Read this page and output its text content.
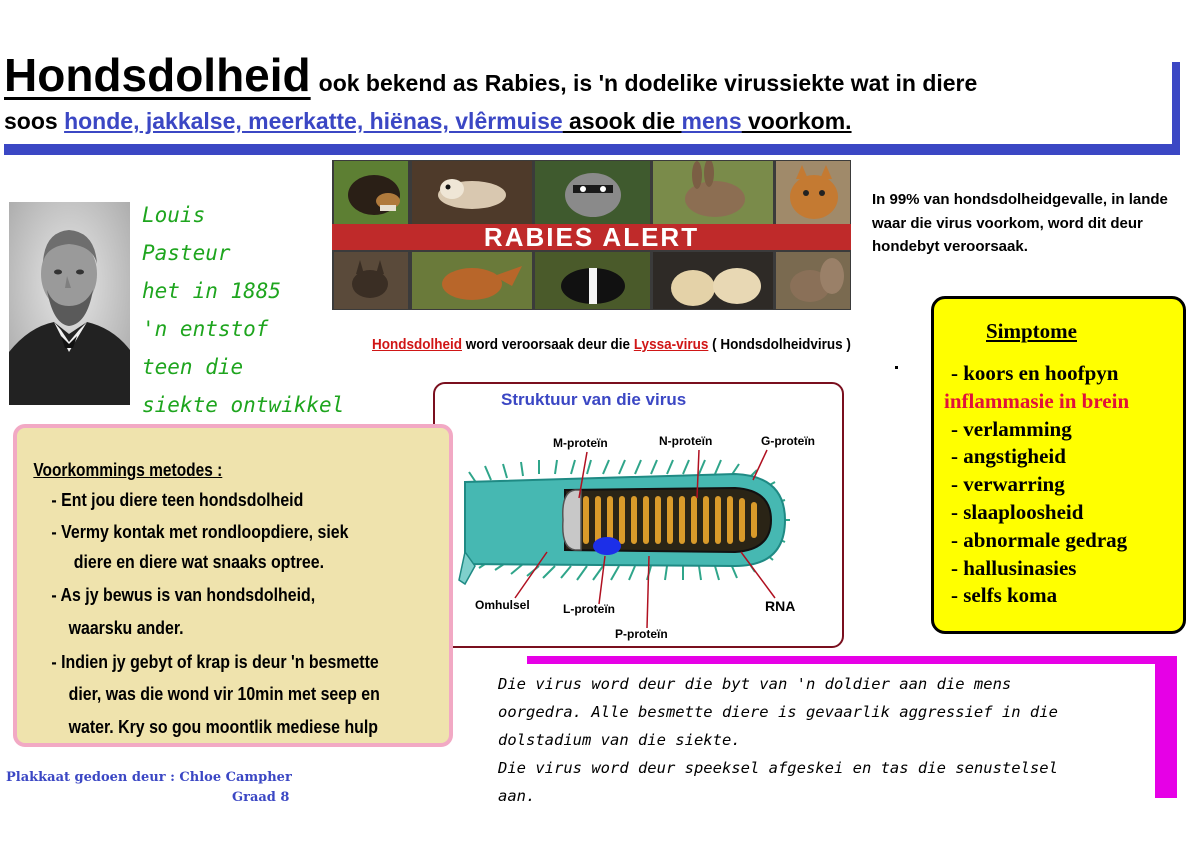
Hondsdolheid ook bekend as Rabies, is 'n dodelike virussiekte wat in diere
soos honde, jakkalse, meerkatte, hiënas, vlêrmuise asook die mens voorkom.
Louis
Pasteur
het in 1885
'n entstof
teen die
siekte ontwikkel
RABIES ALERT
In 99% van hondsdolheidgevalle, in lande waar die virus voorkom, word dit deur hondebyt veroorsaak.
Hondsdolheid word veroorsaak deur die Lyssa-virus ( Hondsdolheidvirus )
Simptome
- koors en hoofpyn
inflammasie in brein
- verlamming
- angstigheid
- verwarring
- slaaploosheid
- abnormale gedrag
- hallusinasies
- selfs koma
Struktuur van die virus
M-proteïn	N-proteïn	G-proteïn
Omhulsel	L-proteïn	RNA
P-proteïn
Voorkommings metodes :
- Ent jou diere teen hondsdolheid
- Vermy kontak met rondloopdiere, siek
diere en diere wat snaaks optree.
- As jy bewus is van hondsdolheid,
waarsku ander.
- Indien jy gebyt of krap is deur 'n besmette
dier, was die wond vir 10min met seep en
water. Kry so gou moontlik mediese hulp
Die virus word deur die byt van 'n doldier aan die mens
oorgedra. Alle besmette diere is gevaarlik aggressief in die
dolstadium van die siekte.
Die virus word deur speeksel afgeskei en tas die senustelsel
aan.
Plakkaat gedoen deur : Chloe Campher
Graad 8
